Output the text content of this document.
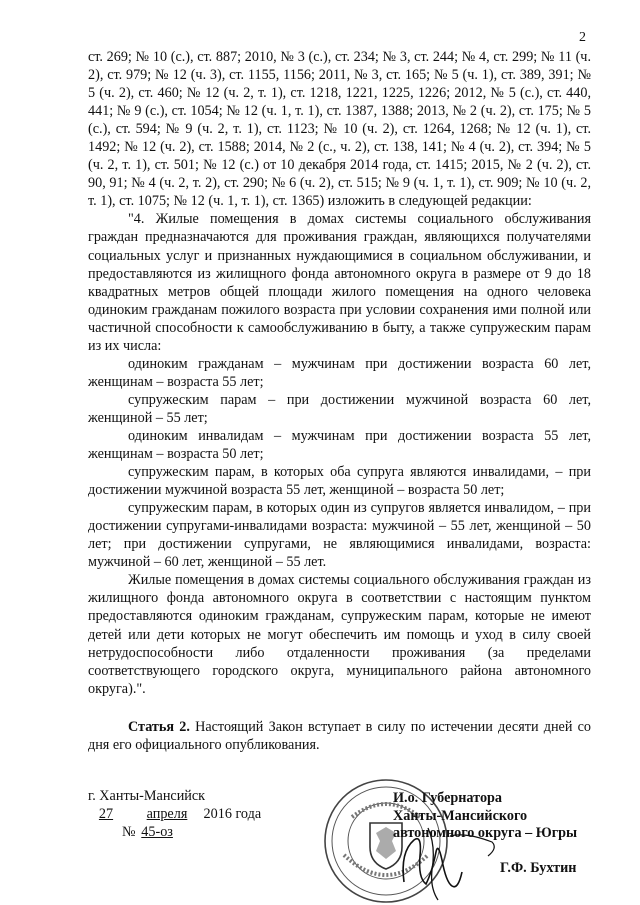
2

ст. 269; № 10 (с.), ст. 887; 2010, № 3 (с.), ст. 234; № 3, ст. 244; № 4, ст. 299; № 11 (ч. 2), ст. 979; № 12 (ч. 3), ст. 1155, 1156; 2011, № 3, ст. 165; № 5 (ч. 1), ст. 389, 391; № 5 (ч. 2), ст. 460; № 12 (ч. 2, т. 1), ст. 1218, 1221, 1225, 1226; 2012, № 5 (с.), ст. 440, 441; № 9 (с.), ст. 1054; № 12 (ч. 1, т. 1), ст. 1387, 1388; 2013, № 2 (ч. 2), ст. 175; № 5 (с.), ст. 594; № 9 (ч. 2, т. 1), ст. 1123; № 10 (ч. 2), ст. 1264, 1268; № 12 (ч. 1), ст. 1492; № 12 (ч. 2), ст. 1588; 2014, № 2 (с., ч. 2), ст. 138, 141; № 4 (ч. 2), ст. 394; № 5 (ч. 2, т. 1), ст. 501; № 12 (с.) от 10 декабря 2014 года, ст. 1415; 2015, № 2 (ч. 2), ст. 90, 91; № 4 (ч. 2, т. 2), ст. 290; № 6 (ч. 2), ст. 515; № 9 (ч. 1, т. 1), ст. 909; № 10 (ч. 2, т. 1), ст. 1075; № 12 (ч. 1, т. 1), ст. 1365) изложить в следующей редакции:

"4. Жилые помещения в домах системы социального обслуживания граждан предназначаются для проживания граждан, являющихся получателями социальных услуг и признанных нуждающимися в социальном обслуживании, и предоставляются из жилищного фонда автономного округа в размере от 9 до 18 квадратных метров общей площади жилого помещения на одного человека одиноким гражданам пожилого возраста при условии сохранения ими полной или частичной способности к самообслуживанию в быту, а также супружеским парам из их числа:

одиноким гражданам – мужчинам при достижении возраста 60 лет, женщинам – возраста 55 лет;

супружеским парам – при достижении мужчиной возраста 60 лет, женщиной – 55 лет;

одиноким инвалидам – мужчинам при достижении возраста 55 лет, женщинам – возраста 50 лет;

супружеским парам, в которых оба супруга являются инвалидами, – при достижении мужчиной возраста 55 лет, женщиной – возраста 50 лет;

супружеским парам, в которых один из супругов является инвалидом, – при достижении супругами-инвалидами возраста: мужчиной – 55 лет, женщиной – 50 лет; при достижении супругами, не являющимися инвалидами, возраста: мужчиной – 60 лет, женщиной – 55 лет.

Жилые помещения в домах системы социального обслуживания граждан из жилищного фонда автономного округа в соответствии с настоящим пунктом предоставляются одиноким гражданам, супружеским парам, которые не имеют детей или дети которых не могут обеспечить им помощь и уход в силу своей нетрудоспособности либо отдаленности проживания (за пределами соответствующего городского округа, муниципального района автономного округа).".

Статья 2. Настоящий Закон вступает в силу по истечении десяти дней со дня его официального опубликования.

г. Ханты-Мансийск
27 апреля 2016 года
№ 45-оз
И.о. Губернатора
Ханты-Мансийского
автономного округа – Югры
Г.Ф. Бухтин
